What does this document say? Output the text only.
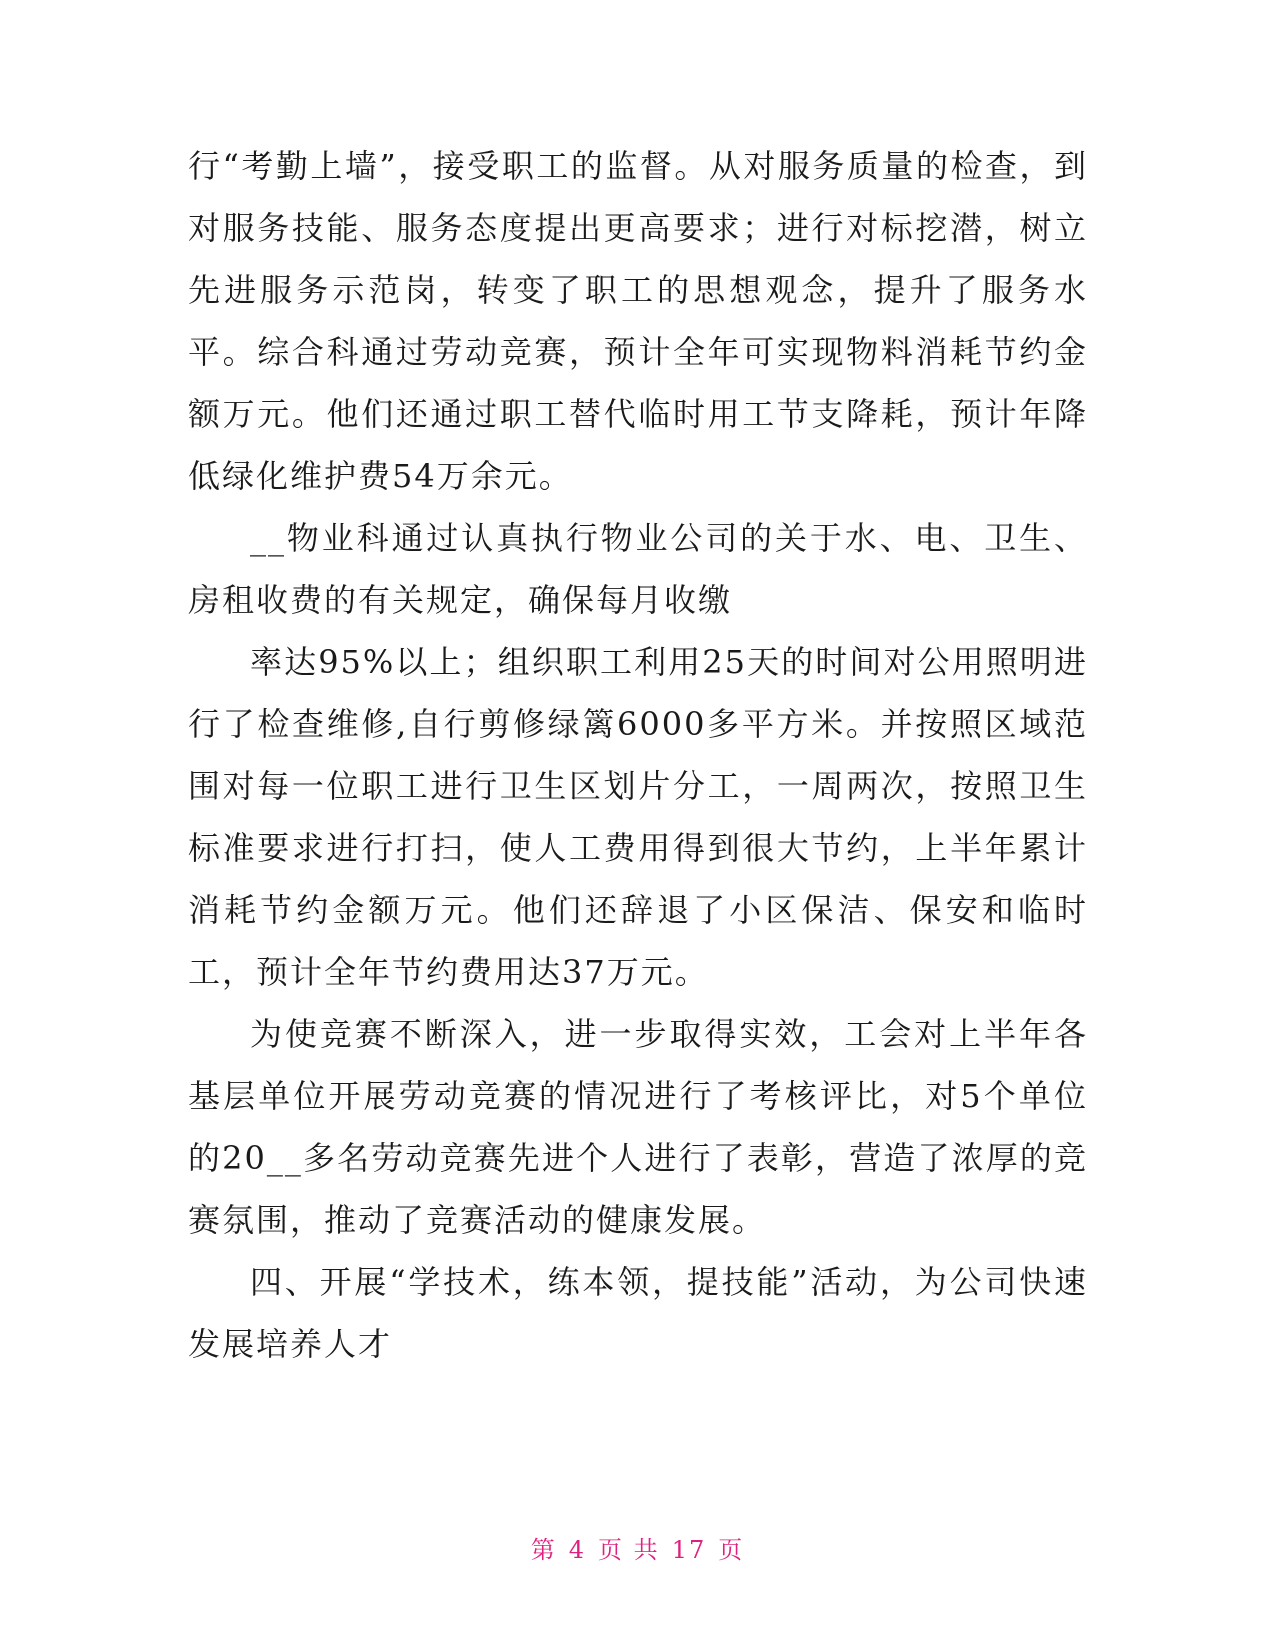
行“考勤上墙”，接受职工的监督。从对服务质量的检查，到对服务技能、服务态度提出更高要求；进行对标挖潜，树立先进服务示范岗，转变了职工的思想观念，提升了服务水平。综合科通过劳动竞赛，预计全年可实现物料消耗节约金额万元。他们还通过职工替代临时用工节支降耗，预计年降低绿化维护费54万余元。

__物业科通过认真执行物业公司的关于水、电、卫生、房租收费的有关规定，确保每月收缴

率达95%以上；组织职工利用25天的时间对公用照明进行了检查维修,自行剪修绿篱6000多平方米。并按照区域范围对每一位职工进行卫生区划片分工，一周两次，按照卫生标准要求进行打扫，使人工费用得到很大节约，上半年累计消耗节约金额万元。他们还辞退了小区保洁、保安和临时工，预计全年节约费用达37万元。

为使竞赛不断深入，进一步取得实效，工会对上半年各基层单位开展劳动竞赛的情况进行了考核评比，对5个单位的20__多名劳动竞赛先进个人进行了表彰，营造了浓厚的竞赛氛围，推动了竞赛活动的健康发展。

四、开展“学技术，练本领，提技能”活动，为公司快速发展培养人才

第 4 页 共 17 页
